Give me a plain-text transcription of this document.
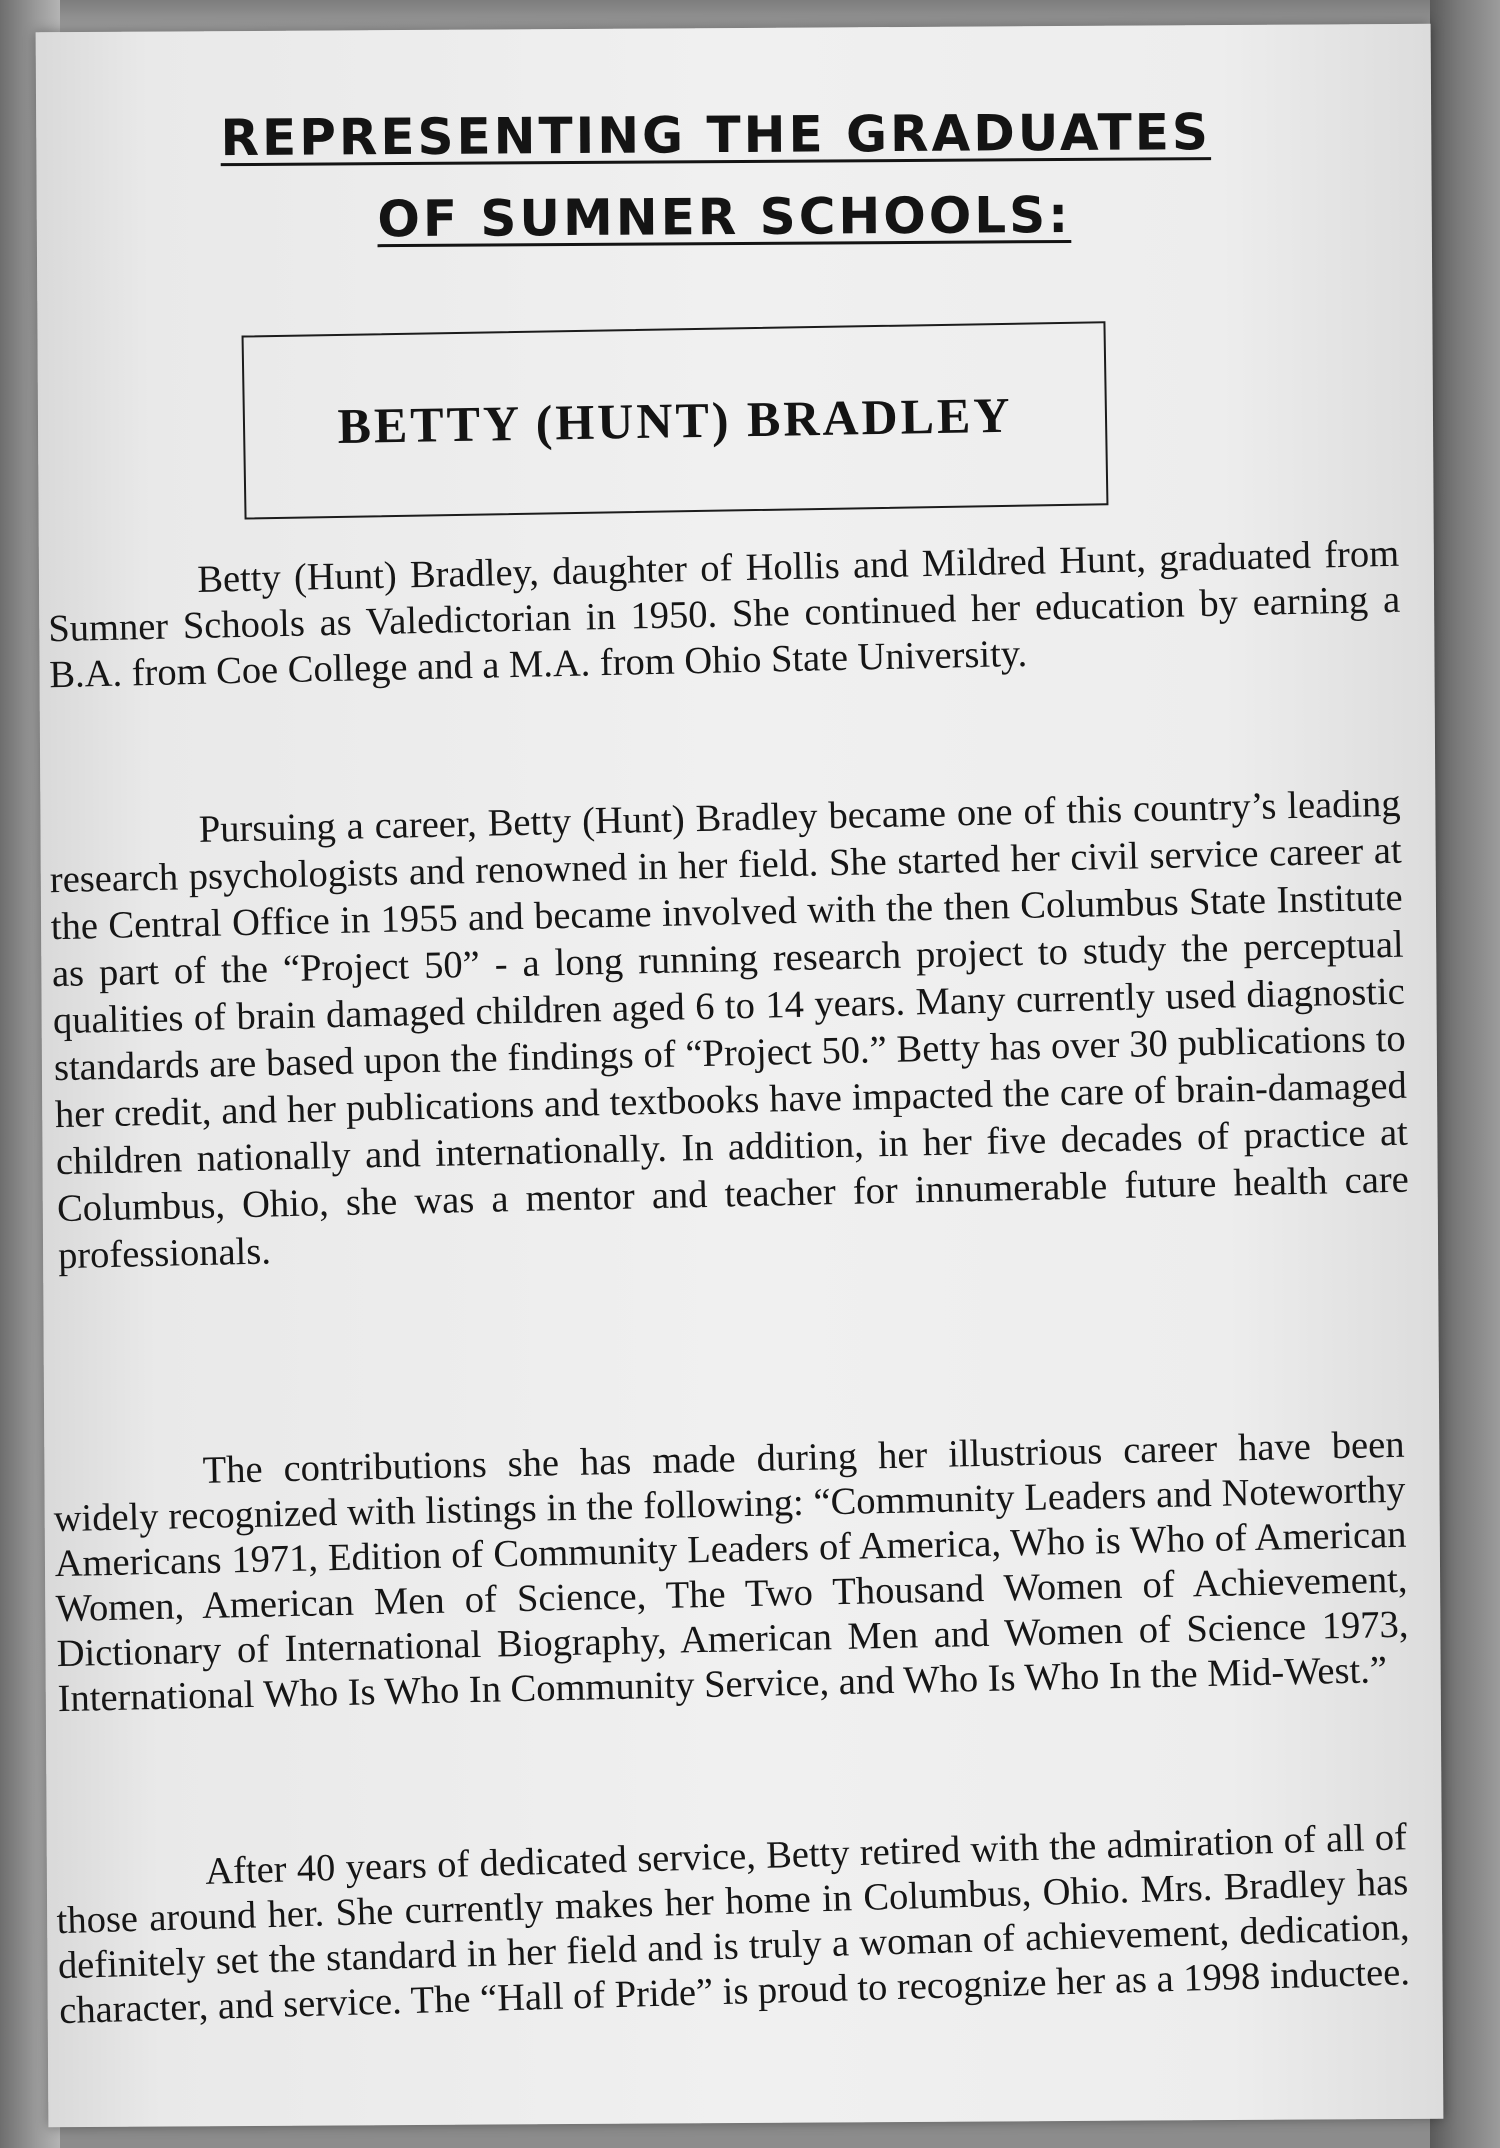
REPRESENTING THE GRADUATES
OF SUMNER SCHOOLS:
BETTY (HUNT) BRADLEY

Betty (Hunt) Bradley, daughter of Hollis and Mildred Hunt, graduated from Sumner Schools as Valedictorian in 1950. She continued her education by earning a B.A. from Coe College and a M.A. from Ohio State University.

Pursuing a career, Betty (Hunt) Bradley became one of this country’s leading research psychologists and renowned in her field. She started her civil service career at the Central Office in 1955 and became involved with the then Columbus State Institute as part of the “Project 50” - a long running research project to study the perceptual qualities of brain damaged children aged 6 to 14 years. Many currently used diagnostic standards are based upon the findings of “Project 50.” Betty has over 30 publications to her credit, and her publications and textbooks have impacted the care of brain-damaged children nationally and internationally. In addition, in her five decades of practice at Columbus, Ohio, she was a mentor and teacher for innumerable future health care professionals.

The contributions she has made during her illustrious career have been widely recognized with listings in the following: “Community Leaders and Noteworthy Americans 1971, Edition of Community Leaders of America, Who is Who of American Women, American Men of Science, The Two Thousand Women of Achievement, Dictionary of International Biography, American Men and Women of Science 1973, International Who Is Who In Community Service, and Who Is Who In the Mid-West.”

After 40 years of dedicated service, Betty retired with the admiration of all of those around her. She currently makes her home in Columbus, Ohio. Mrs. Bradley has definitely set the standard in her field and is truly a woman of achievement, dedication, character, and service. The “Hall of Pride” is proud to recognize her as a 1998 inductee.
